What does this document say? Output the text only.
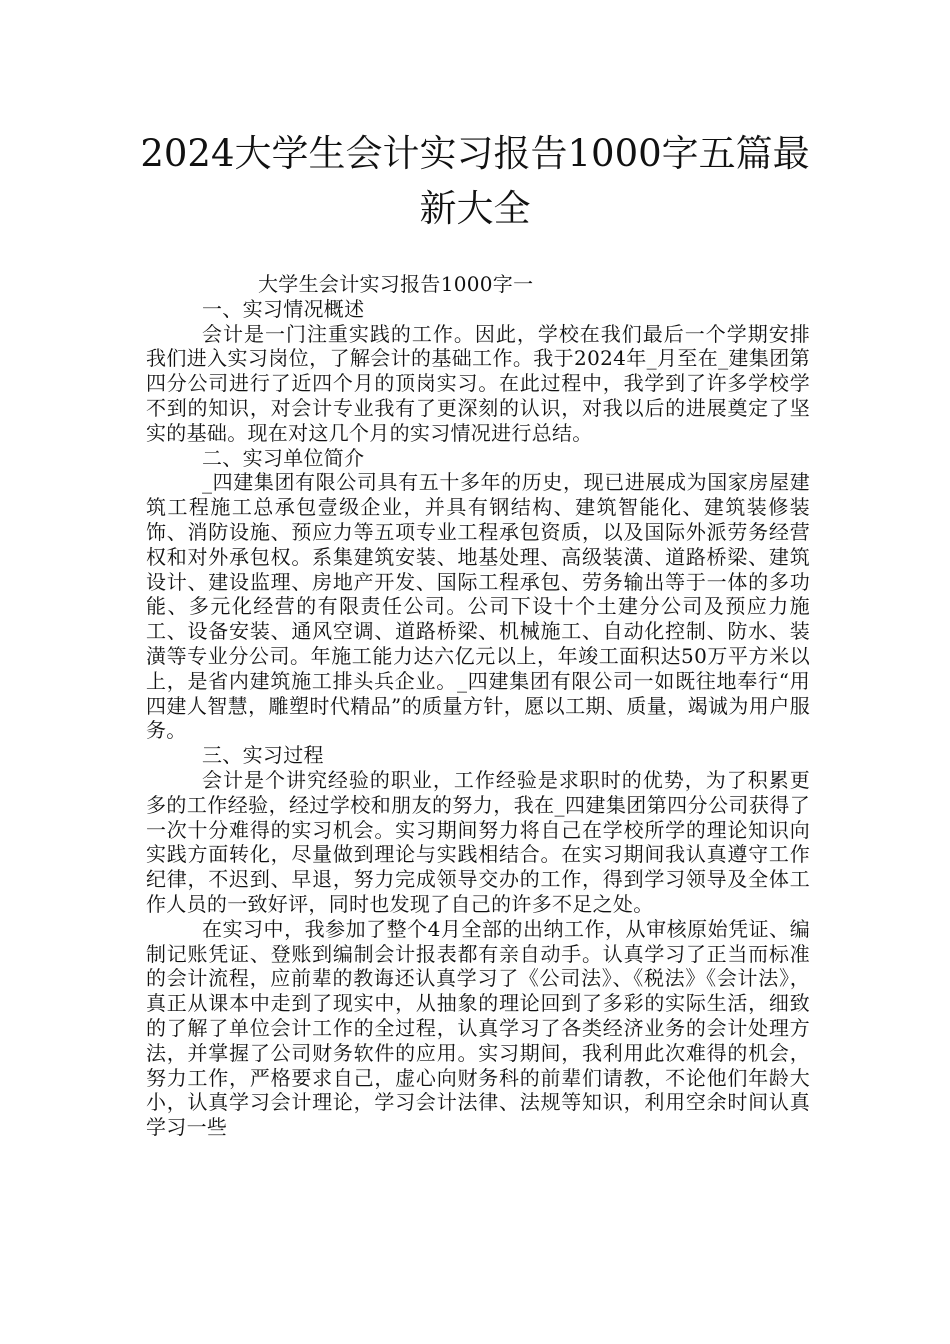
2024大学生会计实习报告1000字五篇最新大全

大学生会计实习报告1000字一

一、实习情况概述

会计是一门注重实践的工作。因此，学校在我们最后一个学期安排我们进入实习岗位，了解会计的基础工作。我于2024年_月至在_建集团第四分公司进行了近四个月的顶岗实习。在此过程中，我学到了许多学校学不到的知识，对会计专业我有了更深刻的认识，对我以后的进展奠定了坚实的基础。现在对这几个月的实习情况进行总结。

二、实习单位简介

_四建集团有限公司具有五十多年的历史，现已进展成为国家房屋建筑工程施工总承包壹级企业，并具有钢结构、建筑智能化、建筑装修装饰、消防设施、预应力等五项专业工程承包资质，以及国际外派劳务经营权和对外承包权。系集建筑安装、地基处理、高级装潢、道路桥梁、建筑设计、建设监理、房地产开发、国际工程承包、劳务输出等于一体的多功能、多元化经营的有限责任公司。公司下设十个土建分公司及预应力施工、设备安装、通风空调、道路桥梁、机械施工、自动化控制、防水、装潢等专业分公司。年施工能力达六亿元以上，年竣工面积达50万平方米以上，是省内建筑施工排头兵企业。_四建集团有限公司一如既往地奉行“用四建人智慧，雕塑时代精品”的质量方针，愿以工期、质量，竭诚为用户服务。

三、实习过程

会计是个讲究经验的职业，工作经验是求职时的优势，为了积累更多的工作经验，经过学校和朋友的努力，我在_四建集团第四分公司获得了一次十分难得的实习机会。实习期间努力将自己在学校所学的理论知识向实践方面转化，尽量做到理论与实践相结合。在实习期间我认真遵守工作纪律，不迟到、早退，努力完成领导交办的工作，得到学习领导及全体工作人员的一致好评，同时也发现了自己的许多不足之处。

在实习中，我参加了整个4月全部的出纳工作，从审核原始凭证、编制记账凭证、登账到编制会计报表都有亲自动手。认真学习了正当而标准的会计流程，应前辈的教诲还认真学习了《公司法》、《税法》《会计法》，真正从课本中走到了现实中，从抽象的理论回到了多彩的实际生活，细致的了解了单位会计工作的全过程，认真学习了各类经济业务的会计处理方法，并掌握了公司财务软件的应用。实习期间，我利用此次难得的机会，努力工作，严格要求自己，虚心向财务科的前辈们请教，不论他们年龄大小，认真学习会计理论，学习会计法律、法规等知识，利用空余时间认真学习一些
